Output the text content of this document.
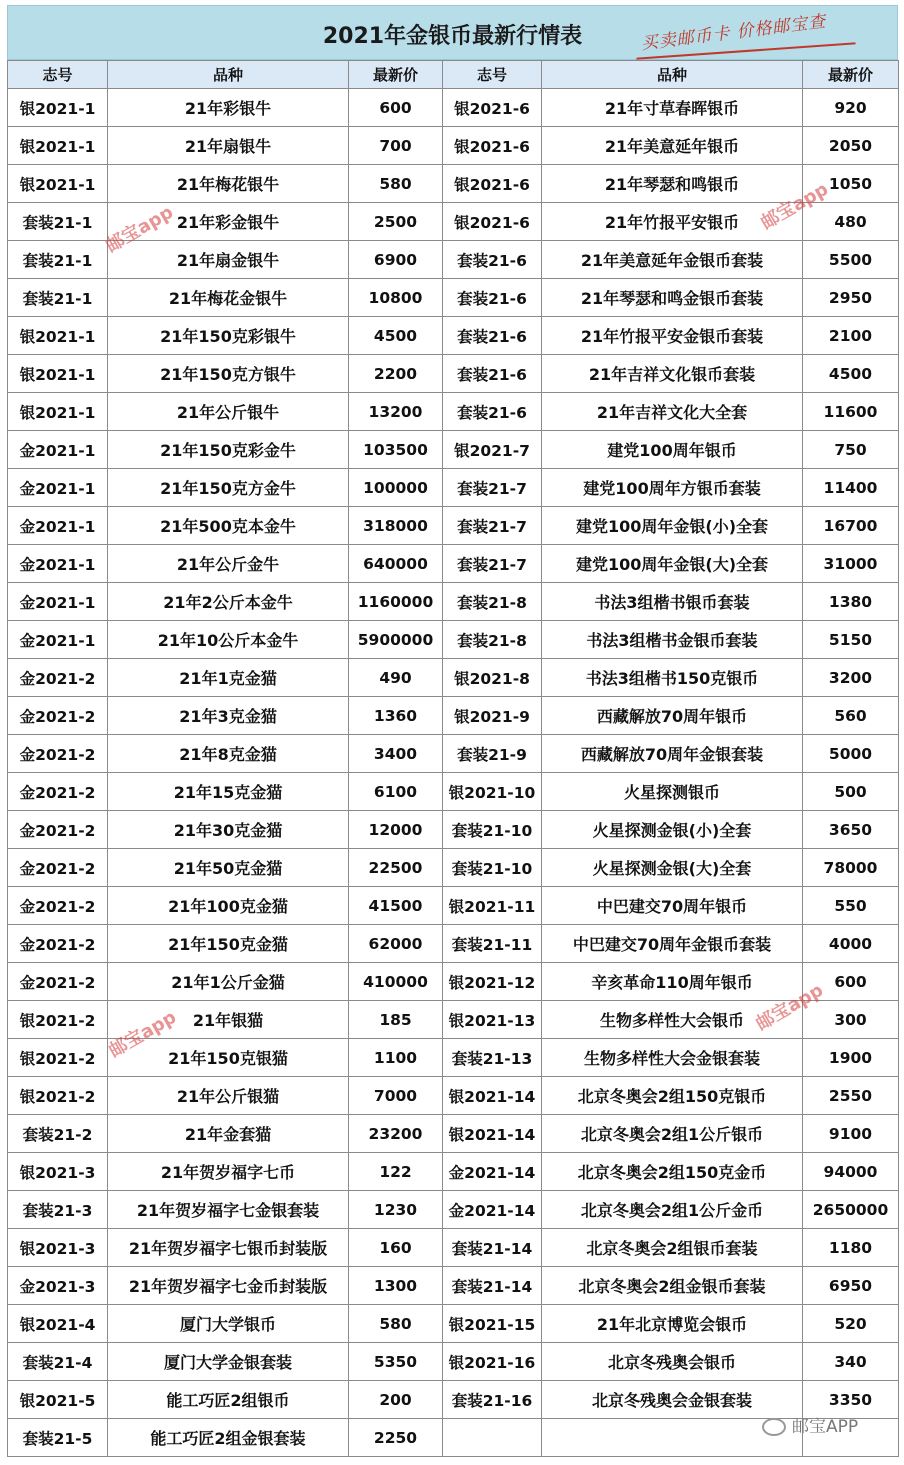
2021年金银币最新行情表	买卖邮币卡 价格邮宝查
志号	品种	最新价	志号	品种	最新价
银2021-1	21年彩银牛	600	银2021-6	21年寸草春晖银币	920
银2021-1	21年扇银牛	700	银2021-6	21年美意延年银币	2050
银2021-1	21年梅花银牛	580	银2021-6	21年琴瑟和鸣银币	1050
套装21-1	21年彩金银牛	2500	银2021-6	21年竹报平安银币	480
套装21-1	21年扇金银牛	6900	套装21-6	21年美意延年金银币套装	5500
套装21-1	21年梅花金银牛	10800	套装21-6	21年琴瑟和鸣金银币套装	2950
银2021-1	21年150克彩银牛	4500	套装21-6	21年竹报平安金银币套装	2100
银2021-1	21年150克方银牛	2200	套装21-6	21年吉祥文化银币套装	4500
银2021-1	21年公斤银牛	13200	套装21-6	21年吉祥文化大全套	11600
金2021-1	21年150克彩金牛	103500	银2021-7	建党100周年银币	750
金2021-1	21年150克方金牛	100000	套装21-7	建党100周年方银币套装	11400
金2021-1	21年500克本金牛	318000	套装21-7	建党100周年金银(小)全套	16700
金2021-1	21年公斤金牛	640000	套装21-7	建党100周年金银(大)全套	31000
金2021-1	21年2公斤本金牛	1160000	套装21-8	书法3组楷书银币套装	1380
金2021-1	21年10公斤本金牛	5900000	套装21-8	书法3组楷书金银币套装	5150
金2021-2	21年1克金猫	490	银2021-8	书法3组楷书150克银币	3200
金2021-2	21年3克金猫	1360	银2021-9	西藏解放70周年银币	560
金2021-2	21年8克金猫	3400	套装21-9	西藏解放70周年金银套装	5000
金2021-2	21年15克金猫	6100	银2021-10	火星探测银币	500
金2021-2	21年30克金猫	12000	套装21-10	火星探测金银(小)全套	3650
金2021-2	21年50克金猫	22500	套装21-10	火星探测金银(大)全套	78000
金2021-2	21年100克金猫	41500	银2021-11	中巴建交70周年银币	550
金2021-2	21年150克金猫	62000	套装21-11	中巴建交70周年金银币套装	4000
金2021-2	21年1公斤金猫	410000	银2021-12	辛亥革命110周年银币	600
银2021-2	21年银猫	185	银2021-13	生物多样性大会银币	300
银2021-2	21年150克银猫	1100	套装21-13	生物多样性大会金银套装	1900
银2021-2	21年公斤银猫	7000	银2021-14	北京冬奥会2组150克银币	2550
套装21-2	21年金套猫	23200	银2021-14	北京冬奥会2组1公斤银币	9100
银2021-3	21年贺岁福字七币	122	金2021-14	北京冬奥会2组150克金币	94000
套装21-3	21年贺岁福字七金银套装	1230	金2021-14	北京冬奥会2组1公斤金币	2650000
银2021-3	21年贺岁福字七银币封装版	160	套装21-14	北京冬奥会2组银币套装	1180
金2021-3	21年贺岁福字七金币封装版	1300	套装21-14	北京冬奥会2组金银币套装	6950
银2021-4	厦门大学银币	580	银2021-15	21年北京博览会银币	520
套装21-4	厦门大学金银套装	5350	银2021-16	北京冬残奥会银币	340
银2021-5	能工巧匠2组银币	200	套装21-16	北京冬残奥会金银套装	3350
套装21-5	能工巧匠2组金银套装	2250			
邮宝app	邮宝app
邮宝app	邮宝app
邮宝APP
